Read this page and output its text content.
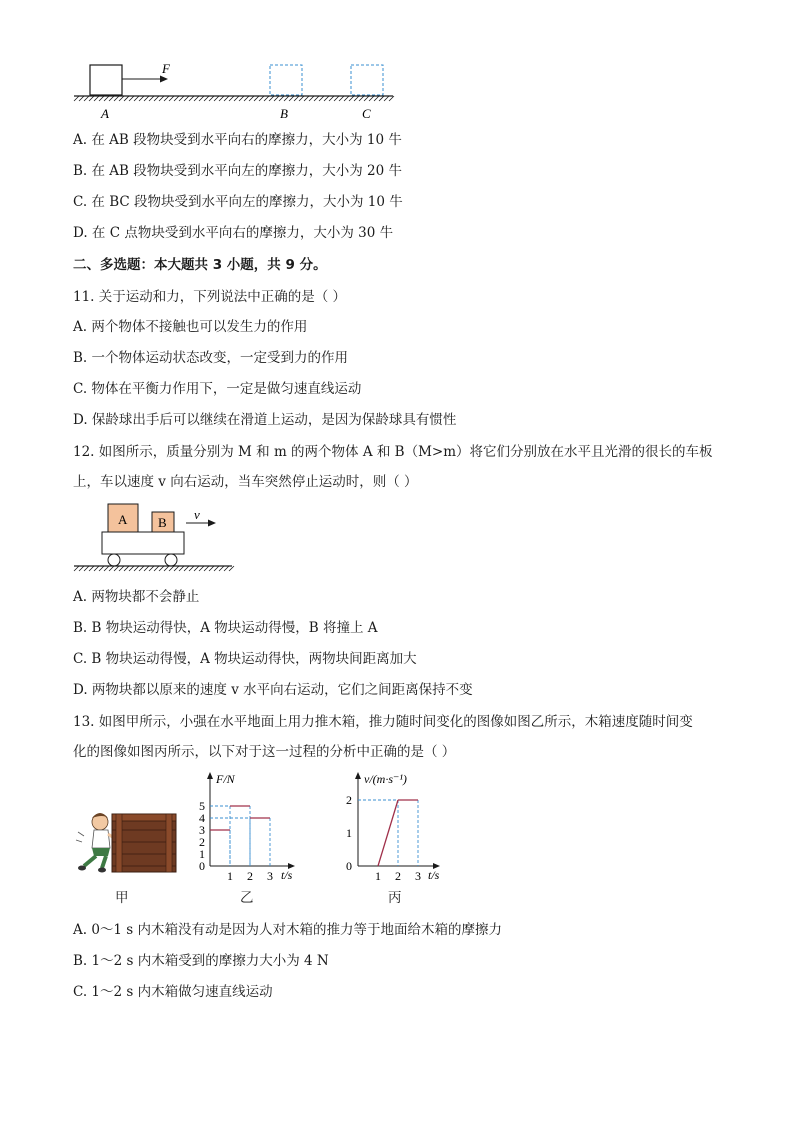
F
A	B	C
A. 在 AB 段物块受到水平向右的摩擦力，大小为 10 牛
B. 在 AB 段物块受到水平向左的摩擦力，大小为 20 牛
C. 在 BC 段物块受到水平向左的摩擦力，大小为 10 牛
D. 在 C 点物块受到水平向右的摩擦力，大小为 30 牛
二、多选题：本大题共 3 小题，共 9 分。
11. 关于运动和力，下列说法中正确的是（ ）
A. 两个物体不接触也可以发生力的作用
B. 一个物体运动状态改变，一定受到力的作用
C. 物体在平衡力作用下，一定是做匀速直线运动
D. 保龄球出手后可以继续在滑道上运动，是因为保龄球具有惯性
12. 如图所示，质量分别为 M 和 m 的两个物体 A 和 B（M>m）将它们分别放在水平且光滑的很长的车板
上，车以速度 v 向右运动，当车突然停止运动时，则（ ）
A B
v
A. 两物块都不会静止
B. B 物块运动得快，A 物块运动得慢，B 将撞上 A
C. B 物块运动得慢，A 物块运动得快，两物块间距离加大
D. 两物块都以原来的速度 v 水平向右运动，它们之间距离保持不变
13. 如图甲所示，小强在水平地面上用力推木箱，推力随时间变化的图像如图乙所示，木箱速度随时间变
化的图像如图丙所示，以下对于这一过程的分析中正确的是（ ）
甲
F/N
t/s
0
1
2
3
4
5
1 2 3
乙
v/(m·s⁻¹)
t/s
0
1
2
1 2 3
丙
A. 0～1 s 内木箱没有动是因为人对木箱的推力等于地面给木箱的摩擦力
B. 1～2 s 内木箱受到的摩擦力大小为 4 N
C. 1～2 s 内木箱做匀速直线运动
